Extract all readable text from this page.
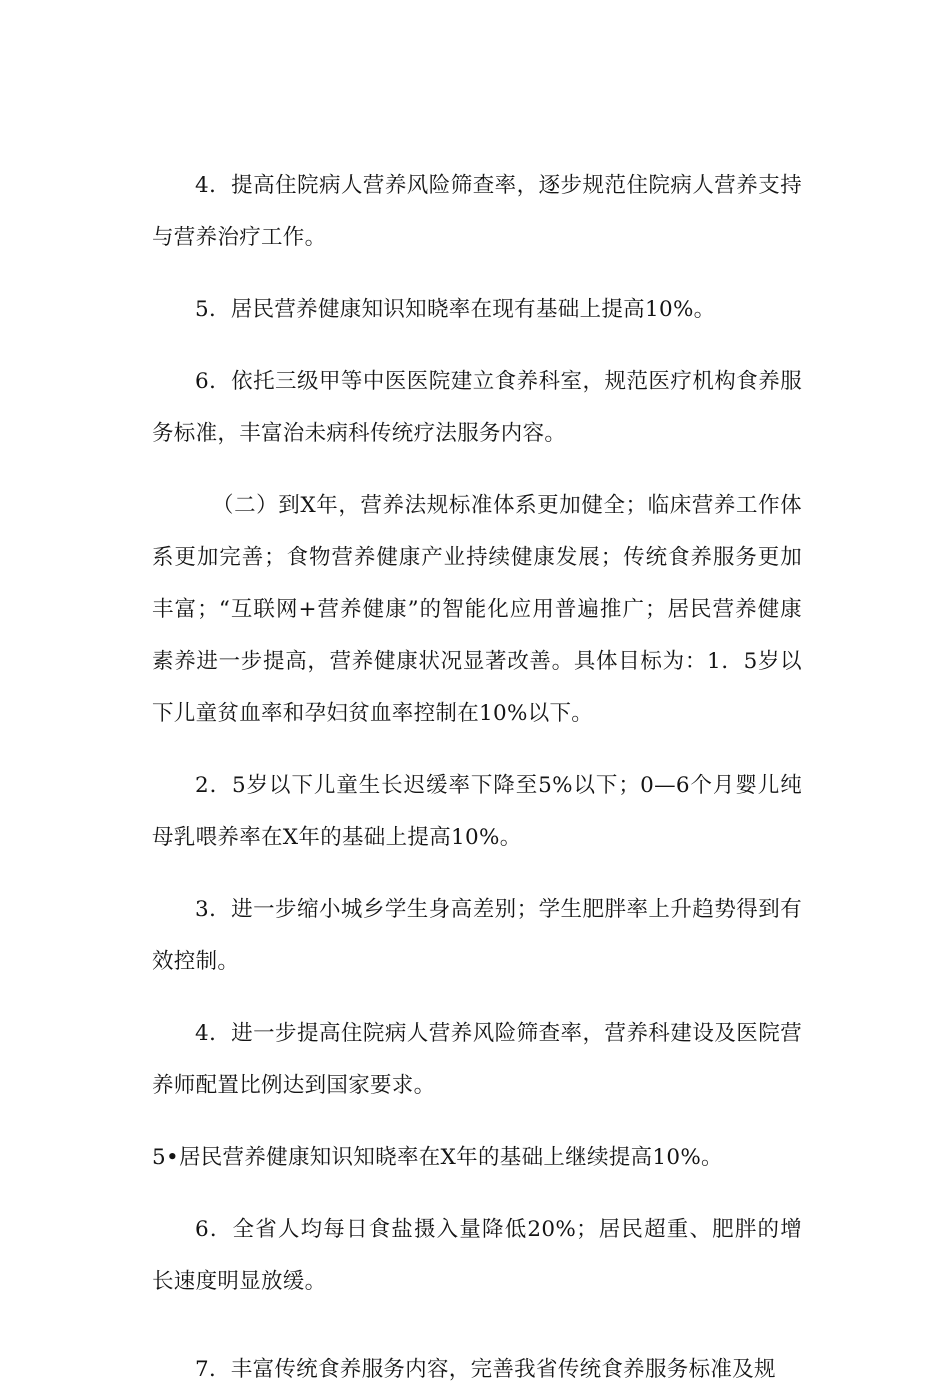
4．提高住院病人营养风险筛查率，逐步规范住院病人营养支持与营养治疗工作。

5．居民营养健康知识知晓率在现有基础上提高10%。

6．依托三级甲等中医医院建立食养科室，规范医疗机构食养服务标准，丰富治未病科传统疗法服务内容。

（二）到X年，营养法规标准体系更加健全；临床营养工作体系更加完善；食物营养健康产业持续健康发展；传统食养服务更加丰富；“互联网+营养健康”的智能化应用普遍推广；居民营养健康素养进一步提高，营养健康状况显著改善。具体目标为：1．5岁以下儿童贫血率和孕妇贫血率控制在10%以下。

2．5岁以下儿童生长迟缓率下降至5%以下；0—6个月婴儿纯母乳喂养率在X年的基础上提高10%。

3．进一步缩小城乡学生身高差别；学生肥胖率上升趋势得到有效控制。

4．进一步提高住院病人营养风险筛查率，营养科建设及医院营养师配置比例达到国家要求。

5•居民营养健康知识知晓率在X年的基础上继续提高10%。

6．全省人均每日食盐摄入量降低20%；居民超重、肥胖的增长速度明显放缓。

7．丰富传统食养服务内容，完善我省传统食养服务标准及规
